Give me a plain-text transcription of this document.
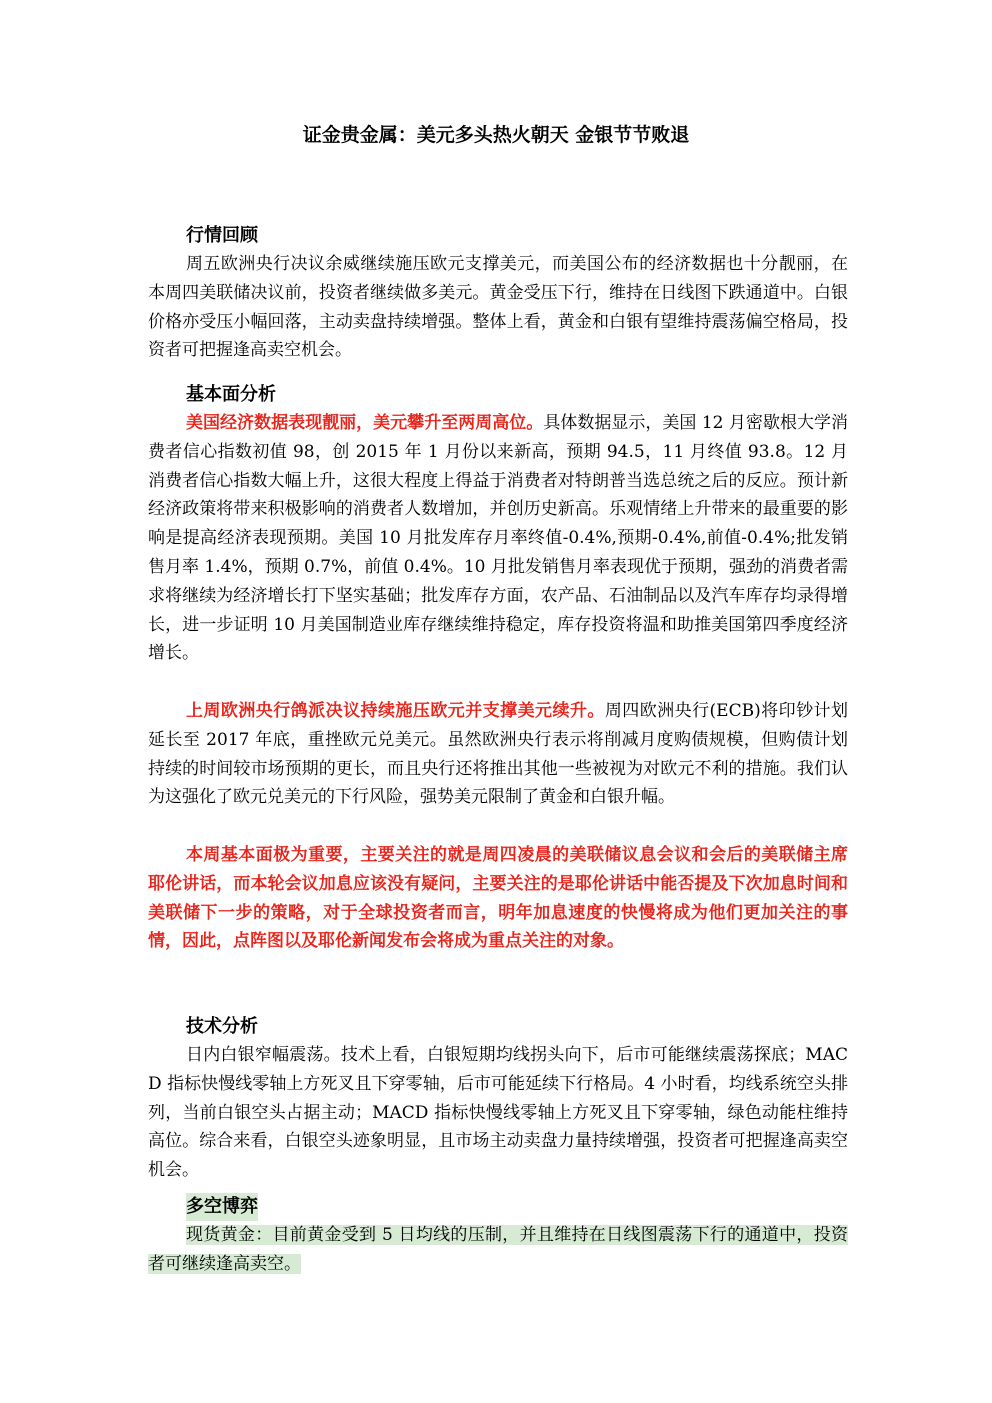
证金贵金属：美元多头热火朝天 金银节节败退
行情回顾

周五欧洲央行决议余威继续施压欧元支撑美元，而美国公布的经济数据也十分靓丽，在本周四美联储决议前，投资者继续做多美元。黄金受压下行，维持在日线图下跌通道中。白银价格亦受压小幅回落，主动卖盘持续增强。整体上看，黄金和白银有望维持震荡偏空格局，投资者可把握逢高卖空机会。

基本面分析

美国经济数据表现靓丽，美元攀升至两周高位。具体数据显示，美国 12 月密歇根大学消费者信心指数初值 98，创 2015 年 1 月份以来新高，预期 94.5，11 月终值 93.8。12 月消费者信心指数大幅上升，这很大程度上得益于消费者对特朗普当选总统之后的反应。预计新经济政策将带来积极影响的消费者人数增加，并创历史新高。乐观情绪上升带来的最重要的影响是提高经济表现预期。美国 10 月批发库存月率终值-0.4%,预期-0.4%,前值-0.4%;批发销售月率 1.4%，预期 0.7%，前值 0.4%。10 月批发销售月率表现优于预期，强劲的消费者需求将继续为经济增长打下坚实基础；批发库存方面，农产品、石油制品以及汽车库存均录得增长，进一步证明 10 月美国制造业库存继续维持稳定，库存投资将温和助推美国第四季度经济增长。

上周欧洲央行鸽派决议持续施压欧元并支撑美元续升。周四欧洲央行(ECB)将印钞计划延长至 2017 年底，重挫欧元兑美元。虽然欧洲央行表示将削减月度购债规模，但购债计划持续的时间较市场预期的更长，而且央行还将推出其他一些被视为对欧元不利的措施。我们认为这强化了欧元兑美元的下行风险，强势美元限制了黄金和白银升幅。

本周基本面极为重要，主要关注的就是周四凌晨的美联储议息会议和会后的美联储主席耶伦讲话，而本轮会议加息应该没有疑问，主要关注的是耶伦讲话中能否提及下次加息时间和美联储下一步的策略，对于全球投资者而言，明年加息速度的快慢将成为他们更加关注的事情，因此，点阵图以及耶伦新闻发布会将成为重点关注的对象。

技术分析

日内白银窄幅震荡。技术上看，白银短期均线拐头向下，后市可能继续震荡探底；MACD 指标快慢线零轴上方死叉且下穿零轴，后市可能延续下行格局。4 小时看，均线系统空头排列，当前白银空头占据主动；MACD 指标快慢线零轴上方死叉且下穿零轴，绿色动能柱维持高位。综合来看，白银空头迹象明显，且市场主动卖盘力量持续增强，投资者可把握逢高卖空机会。

多空博弈

现货黄金：目前黄金受到 5 日均线的压制，并且维持在日线图震荡下行的通道中，投资者可继续逢高卖空。
